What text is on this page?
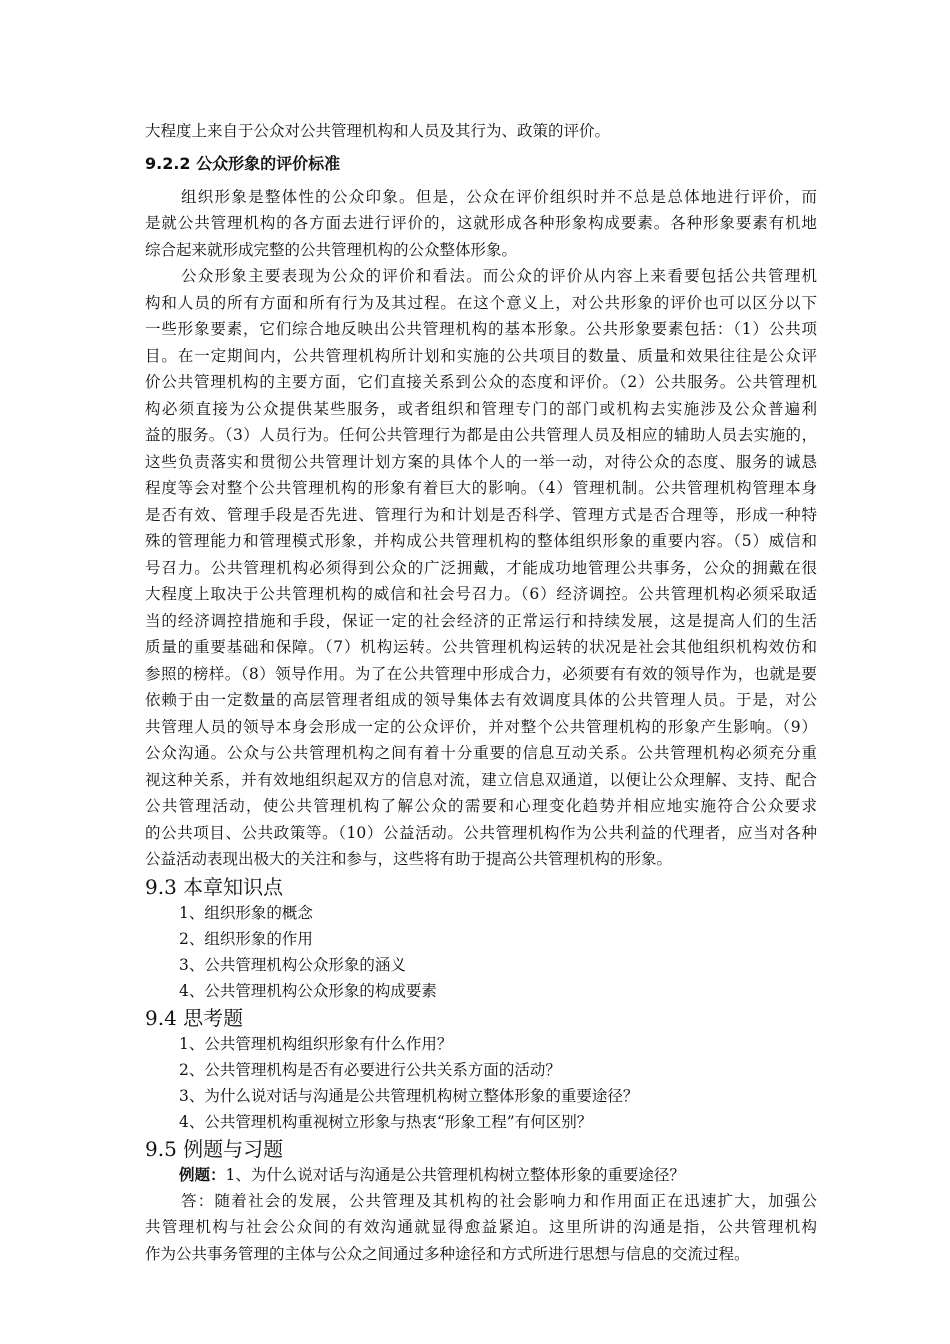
大程度上来自于公众对公共管理机构和人员及其行为、政策的评价。
9.2.2 公众形象的评价标准
组织形象是整体性的公众印象。但是，公众在评价组织时并不总是总体地进行评价，而
是就公共管理机构的各方面去进行评价的，这就形成各种形象构成要素。各种形象要素有机地
综合起来就形成完整的公共管理机构的公众整体形象。
公众形象主要表现为公众的评价和看法。而公众的评价从内容上来看要包括公共管理机
构和人员的所有方面和所有行为及其过程。在这个意义上，对公共形象的评价也可以区分以下
一些形象要素，它们综合地反映出公共管理机构的基本形象。公共形象要素包括：（1）公共项
目。在一定期间内，公共管理机构所计划和实施的公共项目的数量、质量和效果往往是公众评
价公共管理机构的主要方面，它们直接关系到公众的态度和评价。（2）公共服务。公共管理机
构必须直接为公众提供某些服务，或者组织和管理专门的部门或机构去实施涉及公众普遍利
益的服务。（3）人员行为。任何公共管理行为都是由公共管理人员及相应的辅助人员去实施的，
这些负责落实和贯彻公共管理计划方案的具体个人的一举一动，对待公众的态度、服务的诚恳
程度等会对整个公共管理机构的形象有着巨大的影响。（4）管理机制。公共管理机构管理本身
是否有效、管理手段是否先进、管理行为和计划是否科学、管理方式是否合理等，形成一种特
殊的管理能力和管理模式形象，并构成公共管理机构的整体组织形象的重要内容。（5）威信和
号召力。公共管理机构必须得到公众的广泛拥戴，才能成功地管理公共事务，公众的拥戴在很
大程度上取决于公共管理机构的威信和社会号召力。（6）经济调控。公共管理机构必须采取适
当的经济调控措施和手段，保证一定的社会经济的正常运行和持续发展，这是提高人们的生活
质量的重要基础和保障。（7）机构运转。公共管理机构运转的状况是社会其他组织机构效仿和
参照的榜样。（8）领导作用。为了在公共管理中形成合力，必须要有有效的领导作为，也就是要
依赖于由一定数量的高层管理者组成的领导集体去有效调度具体的公共管理人员。于是，对公
共管理人员的领导本身会形成一定的公众评价，并对整个公共管理机构的形象产生影响。（9）
公众沟通。公众与公共管理机构之间有着十分重要的信息互动关系。公共管理机构必须充分重
视这种关系，并有效地组织起双方的信息对流，建立信息双通道，以便让公众理解、支持、配合
公共管理活动，使公共管理机构了解公众的需要和心理变化趋势并相应地实施符合公众要求
的公共项目、公共政策等。（10）公益活动。公共管理机构作为公共利益的代理者，应当对各种
公益活动表现出极大的关注和参与，这些将有助于提高公共管理机构的形象。
9.3 本章知识点
1、组织形象的概念
2、组织形象的作用
3、公共管理机构公众形象的涵义
4、公共管理机构公众形象的构成要素
9.4 思考题
1、公共管理机构组织形象有什么作用？
2、公共管理机构是否有必要进行公共关系方面的活动？
3、为什么说对话与沟通是公共管理机构树立整体形象的重要途径？
4、公共管理机构重视树立形象与热衷“形象工程”有何区别？
9.5 例题与习题
例题：1、为什么说对话与沟通是公共管理机构树立整体形象的重要途径？
答：随着社会的发展，公共管理及其机构的社会影响力和作用面正在迅速扩大，加强公
共管理机构与社会公众间的有效沟通就显得愈益紧迫。这里所讲的沟通是指，公共管理机构
作为公共事务管理的主体与公众之间通过多种途径和方式所进行思想与信息的交流过程。
